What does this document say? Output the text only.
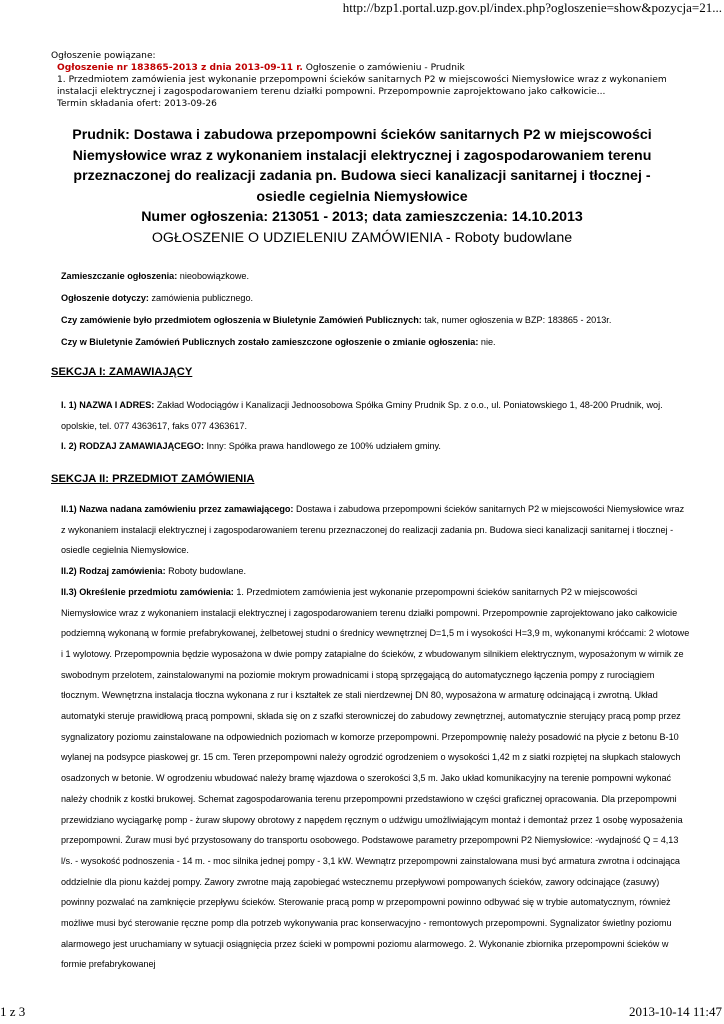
http://bzp1.portal.uzp.gov.pl/index.php?ogloszenie=show&pozycja=21...
Ogłoszenie powiązane:
Ogłoszenie nr 183865-2013 z dnia 2013-09-11 r. Ogłoszenie o zamówieniu - Prudnik
1. Przedmiotem zamówienia jest wykonanie przepompowni ścieków sanitarnych P2 w miejscowości Niemysłowice wraz z wykonaniem instalacji elektrycznej i zagospodarowaniem terenu działki pompowni. Przepompownie zaprojektowano jako całkowicie...
Termin składania ofert: 2013-09-26
Prudnik: Dostawa i zabudowa przepompowni ścieków sanitarnych P2 w miejscowości Niemysłowice wraz z wykonaniem instalacji elektrycznej i zagospodarowaniem terenu przeznaczonej do realizacji zadania pn. Budowa sieci kanalizacji sanitarnej i tłocznej - osiedle cegielnia Niemysłowice
Numer ogłoszenia: 213051 - 2013; data zamieszczenia: 14.10.2013
OGŁOSZENIE O UDZIELENIU ZAMÓWIENIA - Roboty budowlane

Zamieszczanie ogłoszenia: nieobowiązkowe.

Ogłoszenie dotyczy: zamówienia publicznego.

Czy zamówienie było przedmiotem ogłoszenia w Biuletynie Zamówień Publicznych: tak, numer ogłoszenia w BZP: 183865 - 2013r.

Czy w Biuletynie Zamówień Publicznych zostało zamieszczone ogłoszenie o zmianie ogłoszenia: nie.

SEKCJA I: ZAMAWIAJĄCY

I. 1) NAZWA I ADRES: Zakład Wodociągów i Kanalizacji Jednoosobowa Spółka Gminy Prudnik Sp. z o.o., ul. Poniatowskiego 1, 48-200 Prudnik, woj. opolskie, tel. 077 4363617, faks 077 4363617.

I. 2) RODZAJ ZAMAWIAJĄCEGO: Inny: Spółka prawa handlowego ze 100% udziałem gminy.

SEKCJA II: PRZEDMIOT ZAMÓWIENIA

II.1) Nazwa nadana zamówieniu przez zamawiającego: Dostawa i zabudowa przepompowni ścieków sanitarnych P2 w miejscowości Niemysłowice wraz z wykonaniem instalacji elektrycznej i zagospodarowaniem terenu przeznaczonej do realizacji zadania pn. Budowa sieci kanalizacji sanitarnej i tłocznej - osiedle cegielnia Niemysłowice.

II.2) Rodzaj zamówienia: Roboty budowlane.

II.3) Określenie przedmiotu zamówienia: 1. Przedmiotem zamówienia jest wykonanie przepompowni ścieków sanitarnych P2 w miejscowości Niemysłowice wraz z wykonaniem instalacji elektrycznej i zagospodarowaniem terenu działki pompowni. Przepompownie zaprojektowano jako całkowicie podziemną wykonaną w formie prefabrykowanej, żelbetowej studni o średnicy wewnętrznej D=1,5 m i wysokości H=3,9 m, wykonanymi króćcami: 2 wlotowe i 1 wylotowy. Przepompownia będzie wyposażona w dwie pompy zatapialne do ścieków, z wbudowanym silnikiem elektrycznym, wyposażonym w wirnik ze swobodnym przelotem, zainstalowanymi na poziomie mokrym prowadnicami i stopą sprzęgającą do automatycznego łączenia pompy z rurociągiem tłocznym. Wewnętrzna instalacja tłoczna wykonana z rur i kształtek ze stali nierdzewnej DN 80, wyposażona w armaturę odcinającą i zwrotną. Układ automatyki steruje prawidłową pracą pompowni, składa się on z szafki sterowniczej do zabudowy zewnętrznej, automatycznie sterujący pracą pomp przez sygnalizatory poziomu zainstalowane na odpowiednich poziomach w komorze przepompowni. Przepompownię należy posadowić na płycie z betonu B-10 wylanej na podsypce piaskowej gr. 15 cm. Teren przepompowni należy ogrodzić ogrodzeniem o wysokości 1,42 m z siatki rozpiętej na słupkach stalowych osadzonych w betonie. W ogrodzeniu wbudować należy bramę wjazdowa o szerokości 3,5 m. Jako układ komunikacyjny na terenie pompowni wykonać należy chodnik z kostki brukowej. Schemat zagospodarowania terenu przepompowni przedstawiono w części graficznej opracowania. Dla przepompowni przewidziano wyciągarkę pomp - żuraw słupowy obrotowy z napędem ręcznym o udźwigu umożliwiającym montaż i demontaż przez 1 osobę wyposażenia przepompowni. Żuraw musi być przystosowany do transportu osobowego. Podstawowe parametry przepompowni P2 Niemysłowice: -wydajność Q = 4,13 l/s. - wysokość podnoszenia - 14 m. - moc silnika jednej pompy - 3,1 kW. Wewnątrz przepompowni zainstalowana musi być armatura zwrotna i odcinająca oddzielnie dla pionu każdej pompy. Zawory zwrotne mają zapobiegać wstecznemu przepływowi pompowanych ścieków, zawory odcinające (zasuwy) powinny pozwalać na zamknięcie przepływu ścieków. Sterowanie pracą pomp w przepompowni powinno odbywać się w trybie automatycznym, również możliwe musi być sterowanie ręczne pomp dla potrzeb wykonywania prac konserwacyjno - remontowych przepompowni. Sygnalizator świetlny poziomu alarmowego jest uruchamiany w sytuacji osiągnięcia przez ścieki w pompowni poziomu alarmowego. 2. Wykonanie zbiornika przepompowni ścieków w formie prefabrykowanej

1 z 3	2013-10-14 11:47
